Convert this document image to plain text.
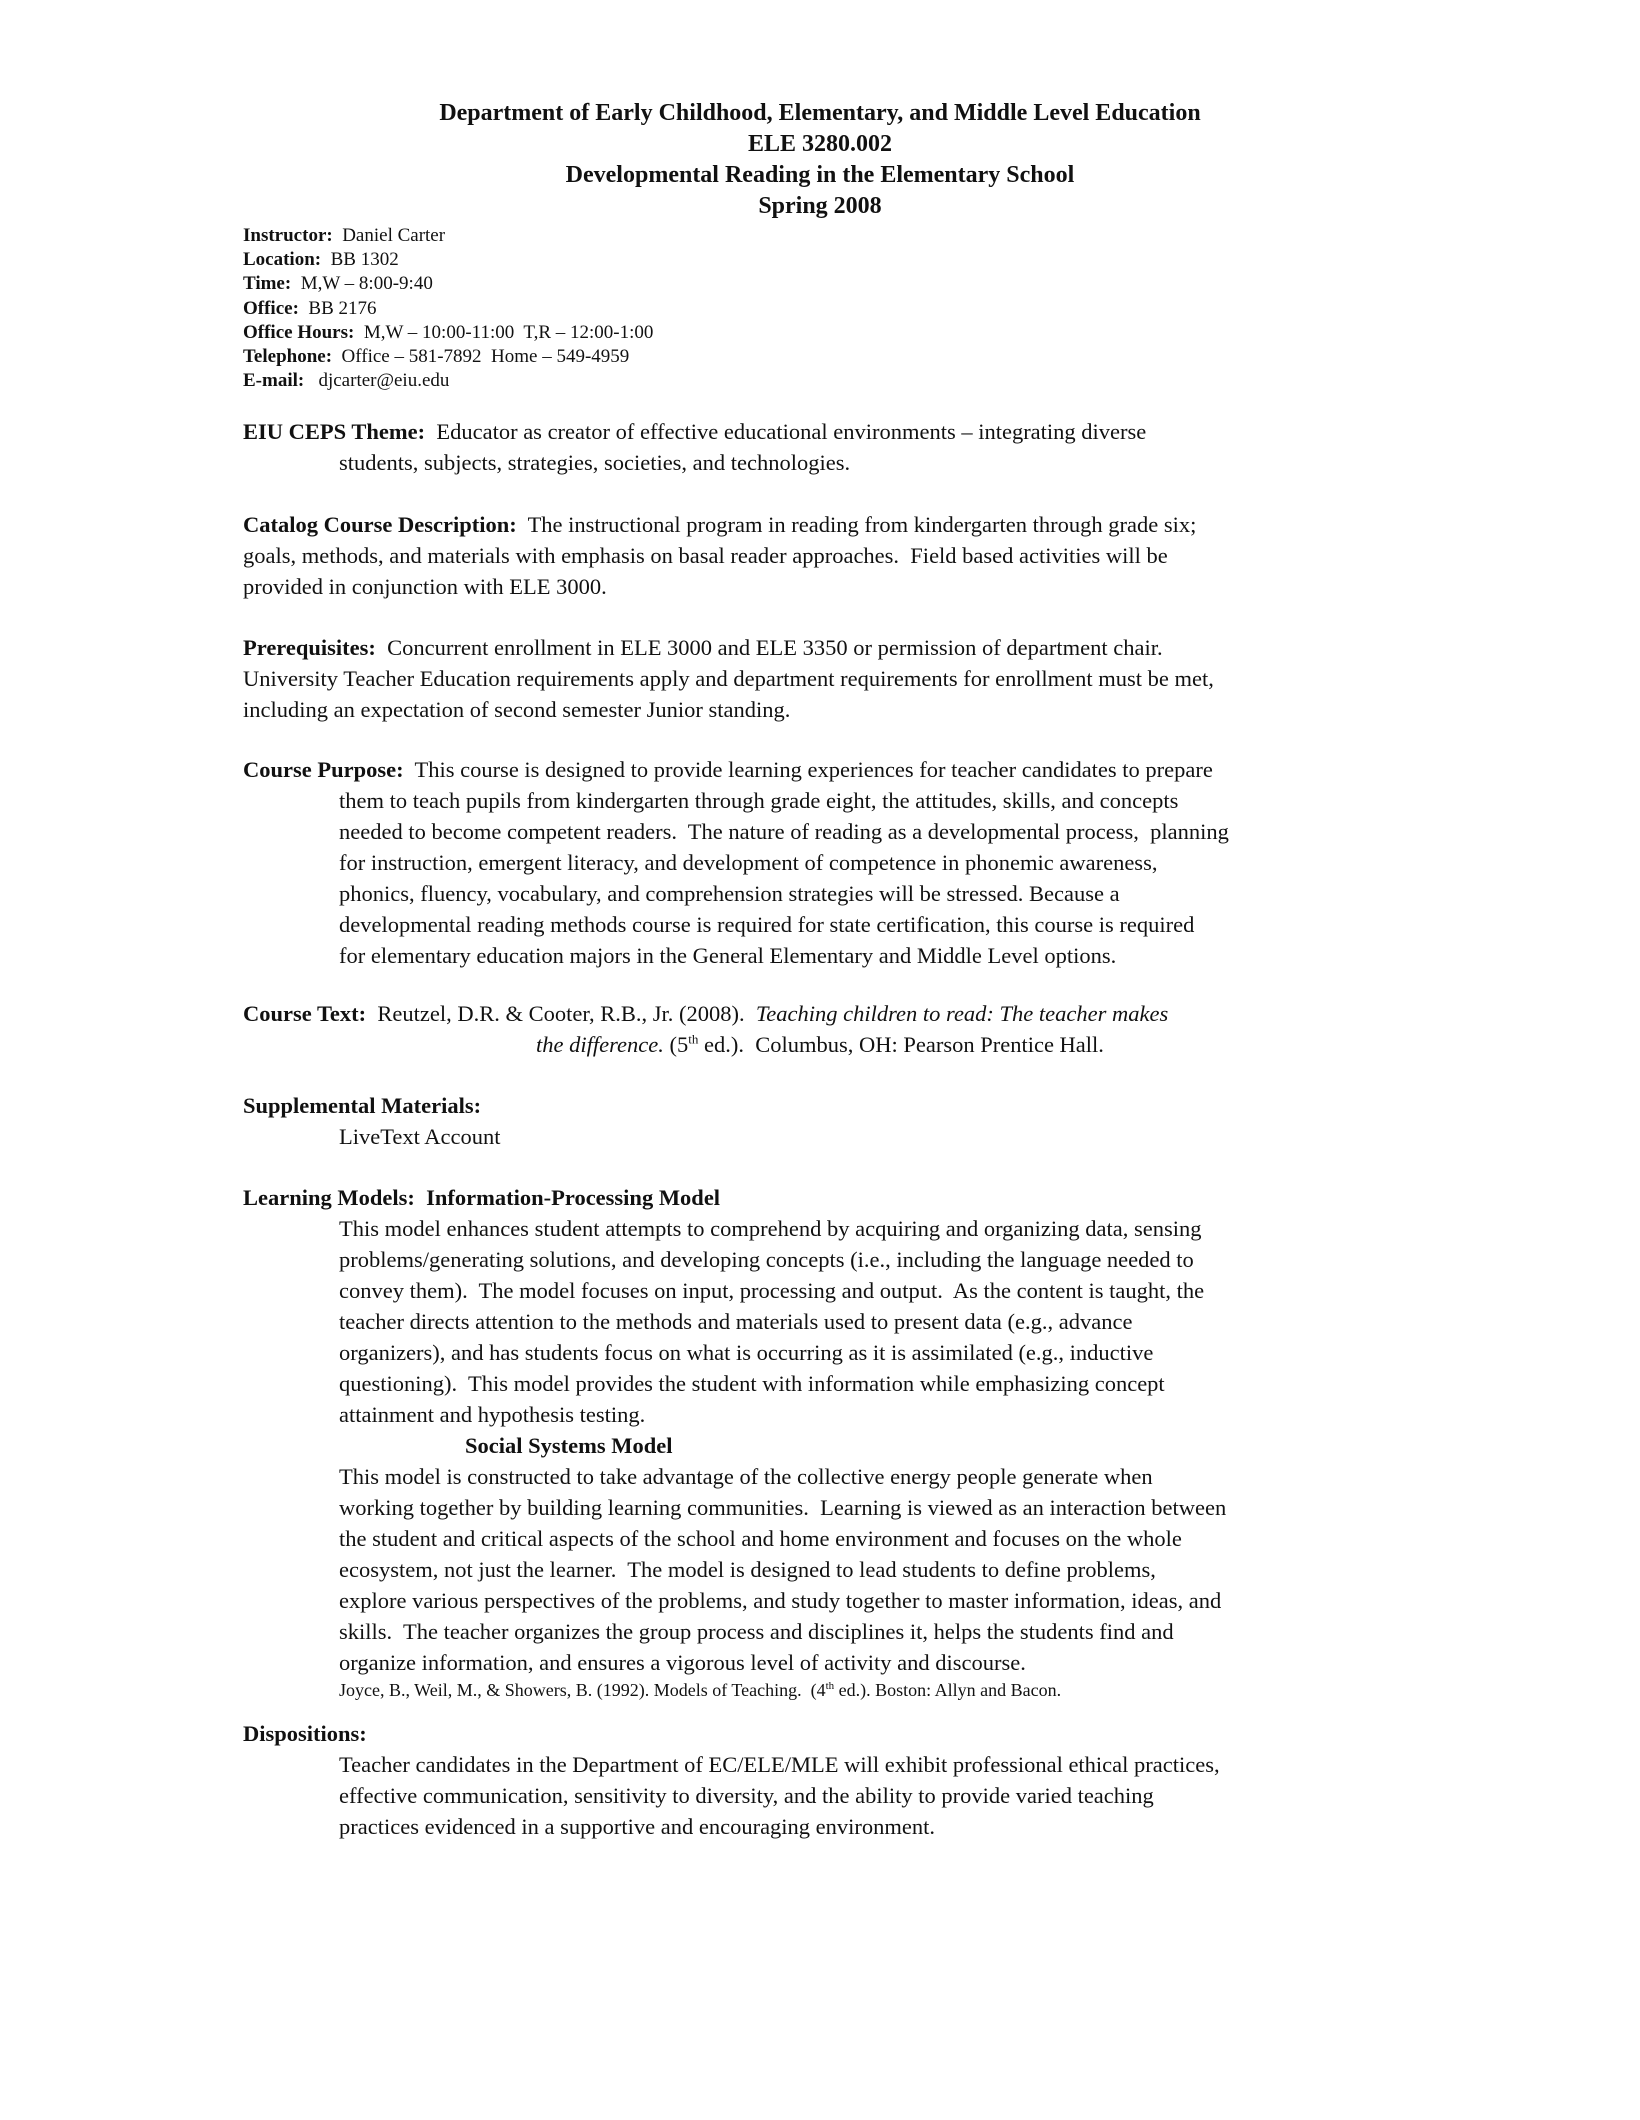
Department of Early Childhood, Elementary, and Middle Level Education
ELE 3280.002
Developmental Reading in the Elementary School
Spring 2008
Instructor: Daniel Carter
Location: BB 1302
Time: M,W – 8:00-9:40
Office: BB 2176
Office Hours: M,W – 10:00-11:00  T,R – 12:00-1:00
Telephone: Office – 581-7892  Home – 549-4959
E-mail: djcarter@eiu.edu
EIU CEPS Theme: Educator as creator of effective educational environments – integrating diverse
students, subjects, strategies, societies, and technologies.
Catalog Course Description: The instructional program in reading from kindergarten through grade six;
goals, methods, and materials with emphasis on basal reader approaches.  Field based activities will be
provided in conjunction with ELE 3000.
Prerequisites: Concurrent enrollment in ELE 3000 and ELE 3350 or permission of department chair.
University Teacher Education requirements apply and department requirements for enrollment must be met,
including an expectation of second semester Junior standing.
Course Purpose: This course is designed to provide learning experiences for teacher candidates to prepare
them to teach pupils from kindergarten through grade eight, the attitudes, skills, and concepts
needed to become competent readers.  The nature of reading as a developmental process,  planning
for instruction, emergent literacy, and development of competence in phonemic awareness,
phonics, fluency, vocabulary, and comprehension strategies will be stressed. Because a
developmental reading methods course is required for state certification, this course is required
for elementary education majors in the General Elementary and Middle Level options.
Course Text: Reutzel, D.R. & Cooter, R.B., Jr. (2008). Teaching children to read: The teacher makes
the difference. (5th ed.).  Columbus, OH: Pearson Prentice Hall.
Supplemental Materials:
LiveText Account
Learning Models: Information-Processing Model
This model enhances student attempts to comprehend by acquiring and organizing data, sensing
problems/generating solutions, and developing concepts (i.e., including the language needed to
convey them).  The model focuses on input, processing and output.  As the content is taught, the
teacher directs attention to the methods and materials used to present data (e.g., advance
organizers), and has students focus on what is occurring as it is assimilated (e.g., inductive
questioning).  This model provides the student with information while emphasizing concept
attainment and hypothesis testing.
Social Systems Model
This model is constructed to take advantage of the collective energy people generate when
working together by building learning communities.  Learning is viewed as an interaction between
the student and critical aspects of the school and home environment and focuses on the whole
ecosystem, not just the learner.  The model is designed to lead students to define problems,
explore various perspectives of the problems, and study together to master information, ideas, and
skills.  The teacher organizes the group process and disciplines it, helps the students find and
organize information, and ensures a vigorous level of activity and discourse.
Joyce, B., Weil, M., & Showers, B. (1992). Models of Teaching.  (4th ed.). Boston: Allyn and Bacon.
Dispositions:
Teacher candidates in the Department of EC/ELE/MLE will exhibit professional ethical practices,
effective communication, sensitivity to diversity, and the ability to provide varied teaching
practices evidenced in a supportive and encouraging environment.
